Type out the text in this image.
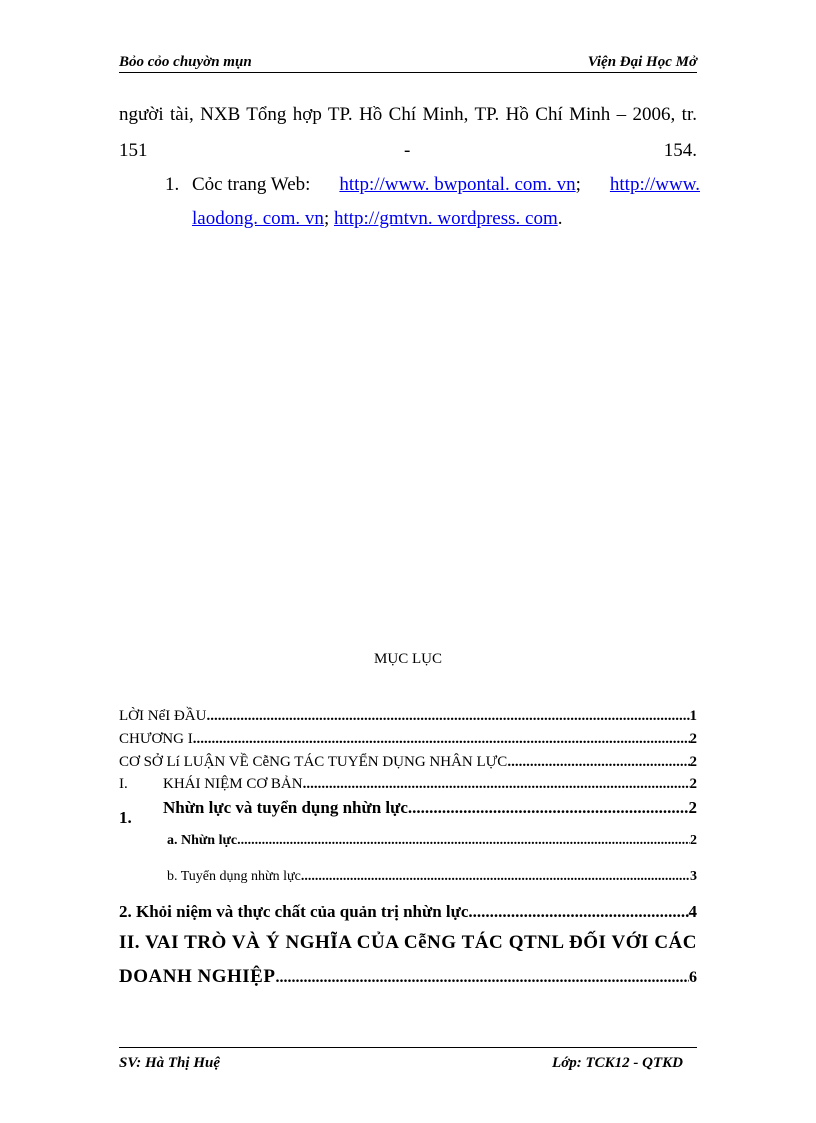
Bỏo cỏo chuyờn mụn	Viện Đại Học Mở
người tài, NXB Tổng hợp TP. Hồ Chí Minh, TP. Hồ Chí Minh – 2006, tr.
151	-	154.
1. Cỏc trang Web: http://www. bwpontal. com. vn; http://www.
laodong. com. vn; http://gmtvn. wordpress. com.
MỤC LỤC
LỜI NểI ĐẦU .....	1
CHƯƠNG I .....	2
CƠ SỞ Lí LUẬN VỀ CễNG TÁC TUYỂN DỤNG NHÂN LỰC .....	2
I. KHÁI NIỆM CƠ BẢN .....	2
1.
Nhừn lực và tuyển dụng nhừn lực .....	2
a. Nhừn lực .....	2
b. Tuyển dụng nhừn lực .....	3
2. Khỏi niệm và thực chất của quản trị nhừn lực .....	4
II. VAI TRÒ VÀ Ý NGHĨA CỦA CễNG TÁC QTNL ĐỐI VỚI CÁC
DOANH NGHIỆP .....	6
SV: Hà Thị Huệ	Lớp: TCK12 - QTKD
